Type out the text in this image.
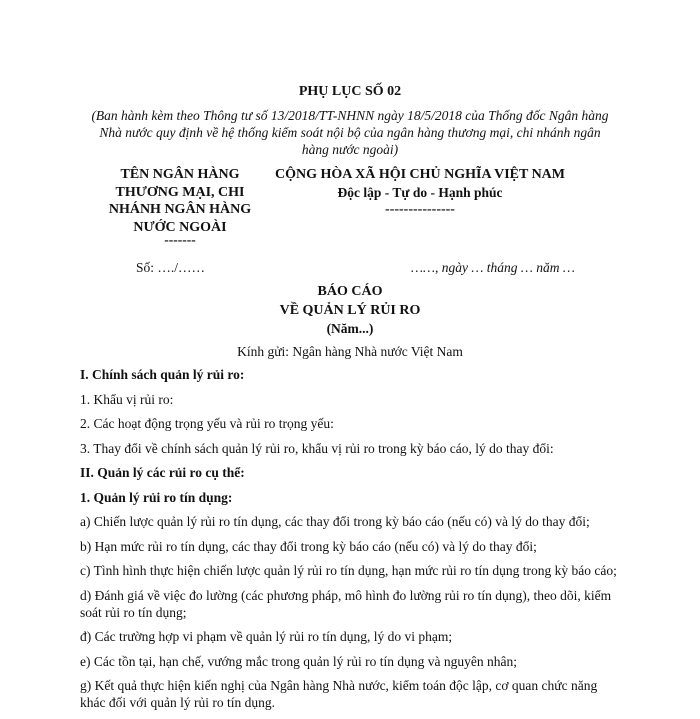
PHỤ LỤC SỐ 02
(Ban hành kèm theo Thông tư số 13/2018/TT-NHNN ngày 18/5/2018 của Thống đốc Ngân hàng Nhà nước quy định về hệ thống kiểm soát nội bộ của ngân hàng thương mại, chi nhánh ngân hàng nước ngoài)
TÊN NGÂN HÀNG
THƯƠNG MẠI, CHI
NHÁNH NGÂN HÀNG
NƯỚC NGOÀI
-------
CỘNG HÒA XÃ HỘI CHỦ NGHĨA VIỆT NAM
Độc lập - Tự do - Hạnh phúc
---------------
Số: …./……	……, ngày … tháng … năm …
BÁO CÁO
VỀ QUẢN LÝ RỦI RO
(Năm...)
Kính gửi: Ngân hàng Nhà nước Việt Nam

I. Chính sách quản lý rủi ro:

1. Khẩu vị rủi ro:

2. Các hoạt động trọng yếu và rủi ro trọng yếu:

3. Thay đổi về chính sách quản lý rủi ro, khẩu vị rủi ro trong kỳ báo cáo, lý do thay đổi:

II. Quản lý các rủi ro cụ thể:

1. Quản lý rủi ro tín dụng:

a) Chiến lược quản lý rủi ro tín dụng, các thay đổi trong kỳ báo cáo (nếu có) và lý do thay đổi;

b) Hạn mức rủi ro tín dụng, các thay đổi trong kỳ báo cáo (nếu có) và lý do thay đổi;

c) Tình hình thực hiện chiến lược quản lý rủi ro tín dụng, hạn mức rủi ro tín dụng trong kỳ báo cáo;

d) Đánh giá về việc đo lường (các phương pháp, mô hình đo lường rủi ro tín dụng), theo dõi, kiểm soát rủi ro tín dụng;

đ) Các trường hợp vi phạm về quản lý rủi ro tín dụng, lý do vi phạm;

e) Các tồn tại, hạn chế, vướng mắc trong quản lý rủi ro tín dụng và nguyên nhân;

g) Kết quả thực hiện kiến nghị của Ngân hàng Nhà nước, kiểm toán độc lập, cơ quan chức năng khác đối với quản lý rủi ro tín dụng.
